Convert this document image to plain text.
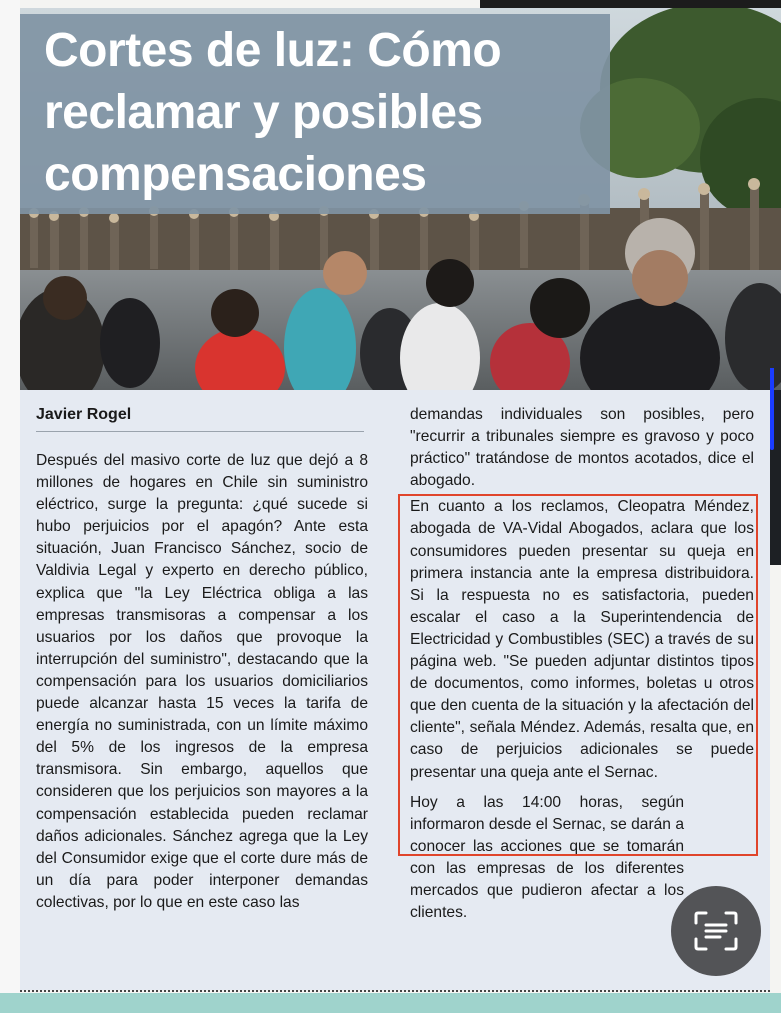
Cortes de luz: Cómo reclamar y posibles compensaciones
Javier Rogel

Después del masivo corte de luz que dejó a 8 millones de hogares en Chile sin suministro eléctrico, surge la pregunta: ¿qué sucede si hubo perjuicios por el apagón? Ante esta situación, Juan Francisco Sánchez, socio de Valdivia Legal y experto en derecho público, explica que "la Ley Eléctrica obliga a las empresas transmisoras a compensar a los usuarios por los daños que provoque la interrupción del suministro", destacando que la compensación para los usuarios domiciliarios puede alcanzar hasta 15 veces la tarifa de energía no suministrada, con un límite máximo del 5% de los ingresos de la empresa transmisora. Sin embargo, aquellos que consideren que los perjuicios son mayores a la compensación establecida pueden reclamar daños adicionales. Sánchez agrega que la Ley del Consumidor exige que el corte dure más de un día para poder interponer demandas colectivas, por lo que en este caso las

demandas individuales son posibles, pero "recurrir a tribunales siempre es gravoso y poco práctico" tratándose de montos acotados, dice el abogado.

En cuanto a los reclamos, Cleopatra Méndez, abogada de VA-Vidal Abogados, aclara que los consumidores pueden presentar su queja en primera instancia ante la empresa distribuidora. Si la respuesta no es satisfactoria, pueden escalar el caso a la Superintendencia de Electricidad y Combustibles (SEC) a través de su página web. "Se pueden adjuntar distintos tipos de documentos, como informes, boletas u otros que den cuenta de la situación y la afectación del cliente", señala Méndez. Además, resalta que, en caso de perjuicios adicionales se puede presentar una queja ante el Sernac.

Hoy a las 14:00 horas, según informaron desde el Sernac, se darán a conocer las acciones que se tomarán con las empresas de los diferentes mercados que pudieron afectar a los clientes.
